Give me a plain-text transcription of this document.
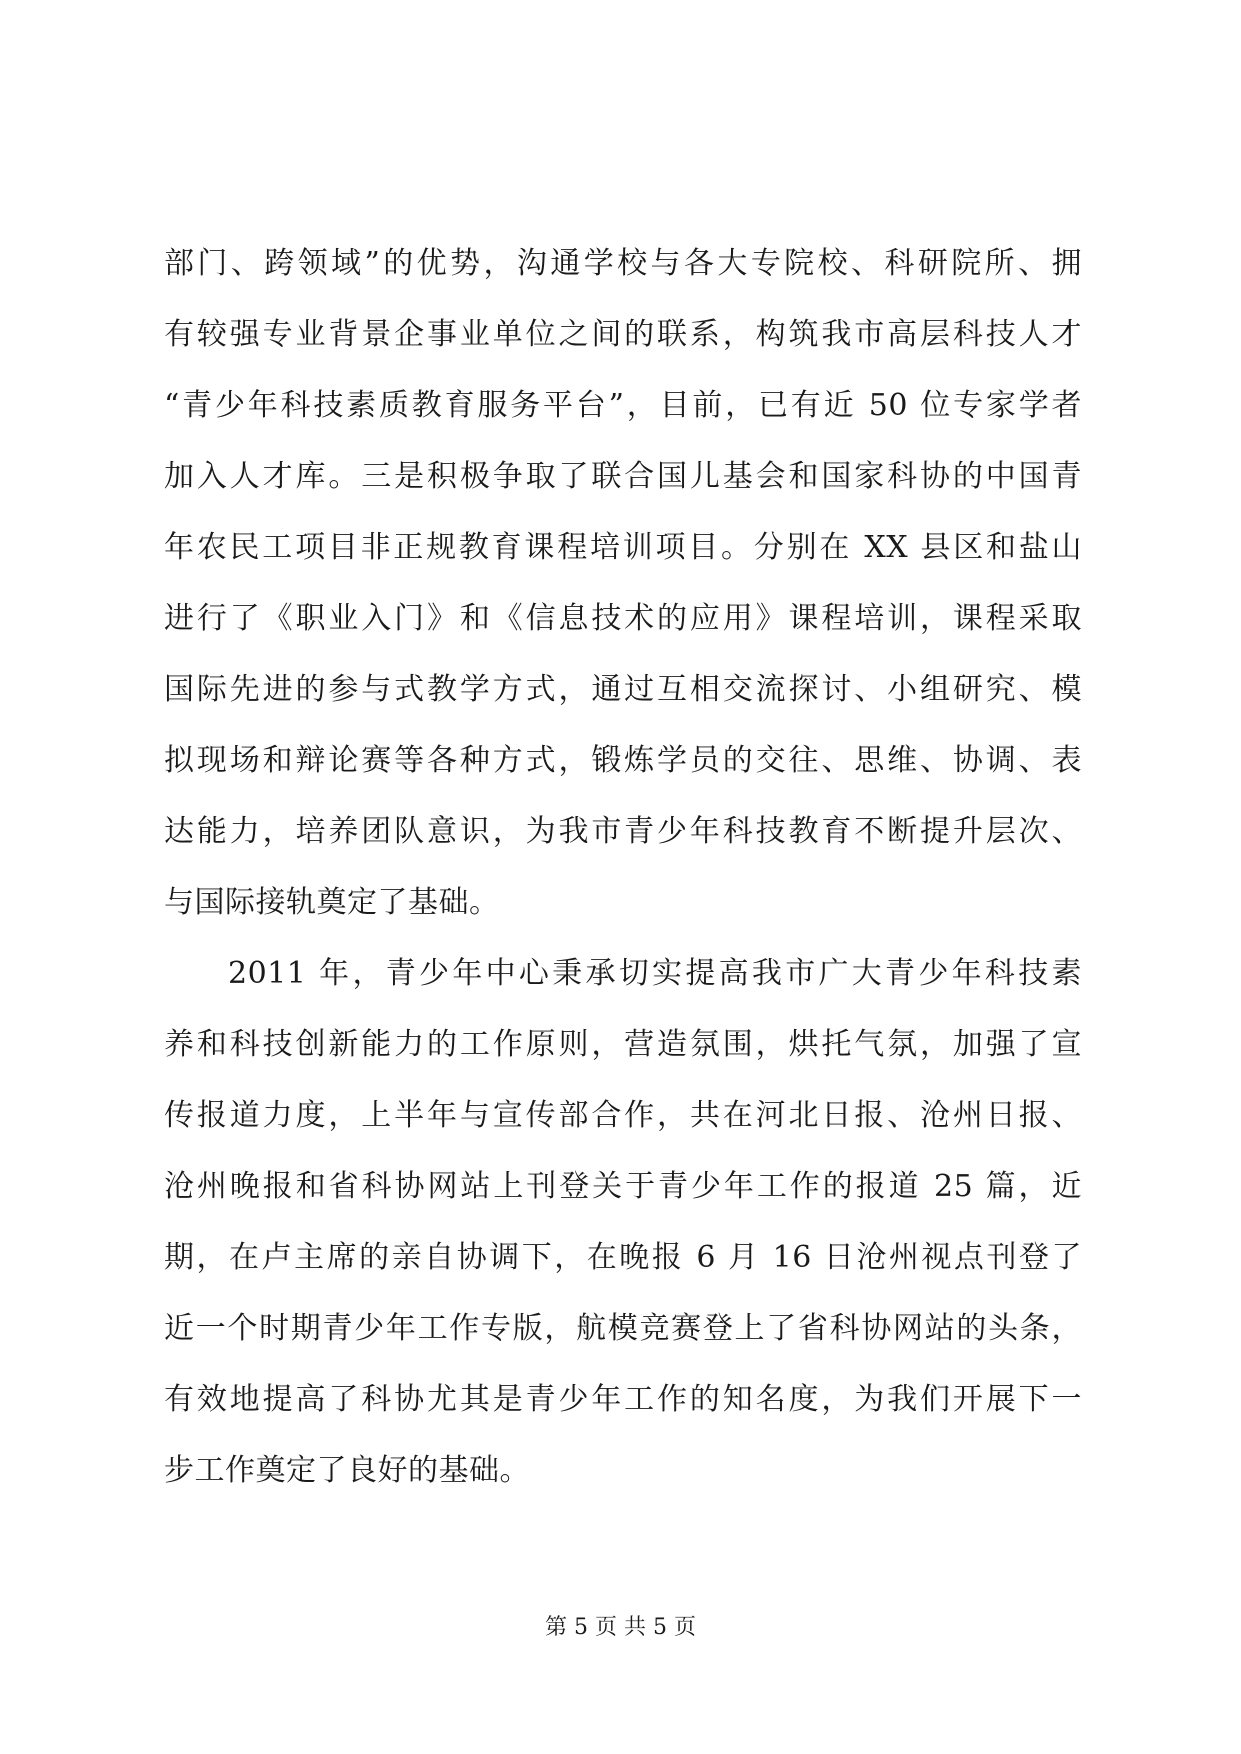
部门、跨领域”的优势，沟通学校与各大专院校、科研院所、拥
有较强专业背景企事业单位之间的联系，构筑我市高层科技人才
“青少年科技素质教育服务平台”，目前，已有近 50 位专家学者
加入人才库。三是积极争取了联合国儿基会和国家科协的中国青
年农民工项目非正规教育课程培训项目。分别在 XX 县区和盐山
进行了《职业入门》和《信息技术的应用》课程培训，课程采取
国际先进的参与式教学方式，通过互相交流探讨、小组研究、模
拟现场和辩论赛等各种方式，锻炼学员的交往、思维、协调、表
达能力，培养团队意识，为我市青少年科技教育不断提升层次、
与国际接轨奠定了基础。
2011 年，青少年中心秉承切实提高我市广大青少年科技素
养和科技创新能力的工作原则，营造氛围，烘托气氛，加强了宣
传报道力度，上半年与宣传部合作，共在河北日报、沧州日报、
沧州晚报和省科协网站上刊登关于青少年工作的报道 25 篇，近
期，在卢主席的亲自协调下，在晚报 6 月 16 日沧州视点刊登了
近一个时期青少年工作专版，航模竞赛登上了省科协网站的头条，
有效地提高了科协尤其是青少年工作的知名度，为我们开展下一
步工作奠定了良好的基础。
第 5 页 共 5 页
